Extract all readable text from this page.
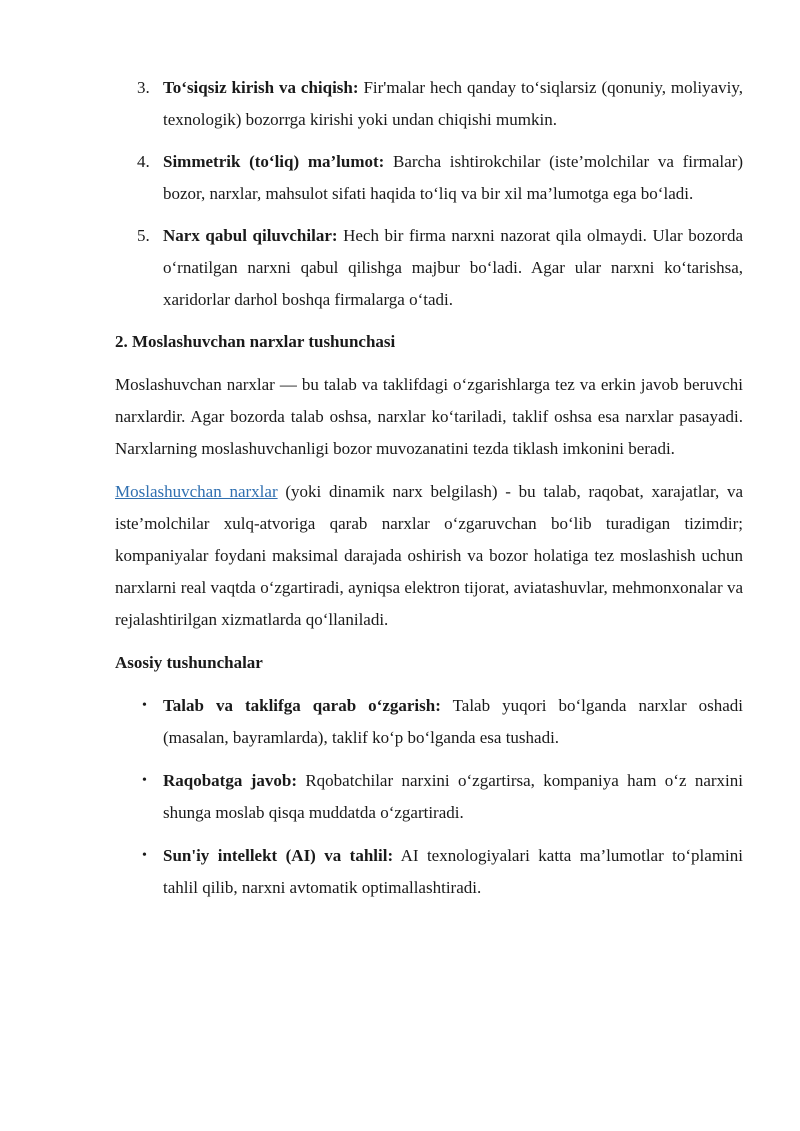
3. To‘siqsiz kirish va chiqish: Fir'malar hech qanday to‘siqlarsiz (qonuniy, moliyaviy, texnologik) bozorrga kirishi yoki undan chiqishi mumkin.
4. Simmetrik (to‘liq) ma’lumot: Barcha ishtirokchilar (iste’molchilar va firmalar) bozor, narxlar, mahsulot sifati haqida to‘liq va bir xil ma’lumotga ega bo‘ladi.
5. Narx qabul qiluvchilar: Hech bir firma narxni nazorat qila olmaydi. Ular bozorda o‘rnatilgan narxni qabul qilishga majbur bo‘ladi. Agar ular narxni ko‘tarishsa, xaridorlar darhol boshqa firmalarga o‘tadi.

2. Moslashuvchan narxlar tushunchasi

Moslashuvchan narxlar — bu talab va taklifdagi o‘zgarishlarga tez va erkin javob beruvchi narxlardir. Agar bozorda talab oshsa, narxlar ko‘tariladi, taklif oshsa esa narxlar pasayadi. Narxlarning moslashuvchanligi bozor muvozanatini tezda tiklash imkonini beradi.

Moslashuvchan narxlar (yoki dinamik narx belgilash) - bu talab, raqobat, xarajatlar, va iste’molchilar xulq-atvoriga qarab narxlar o‘zgaruvchan bo‘lib turadigan tizimdir; kompaniyalar foydani maksimal darajada oshirish va bozor holatiga tez moslashish uchun narxlarni real vaqtda o‘zgartiradi, ayniqsa elektron tijorat, aviatashuvlar, mehmonxonalar va rejalashtirilgan xizmatlarda qo‘llaniladi.

Asosiy tushunchalar

• Talab va taklifga qarab o‘zgarish: Talab yuqori bo‘lganda narxlar oshadi (masalan, bayramlarda), taklif ko‘p bo‘lganda esa tushadi.
• Raqobatga javob: Rqobatchilar narxini o‘zgartirsa, kompaniya ham o‘z narxini shunga moslab qisqa muddatda o‘zgartiradi.
• Sun'iy intellekt (AI) va tahlil: AI texnologiyalari katta ma’lumotlar to‘plamini tahlil qilib, narxni avtomatik optimallashtiradi.
